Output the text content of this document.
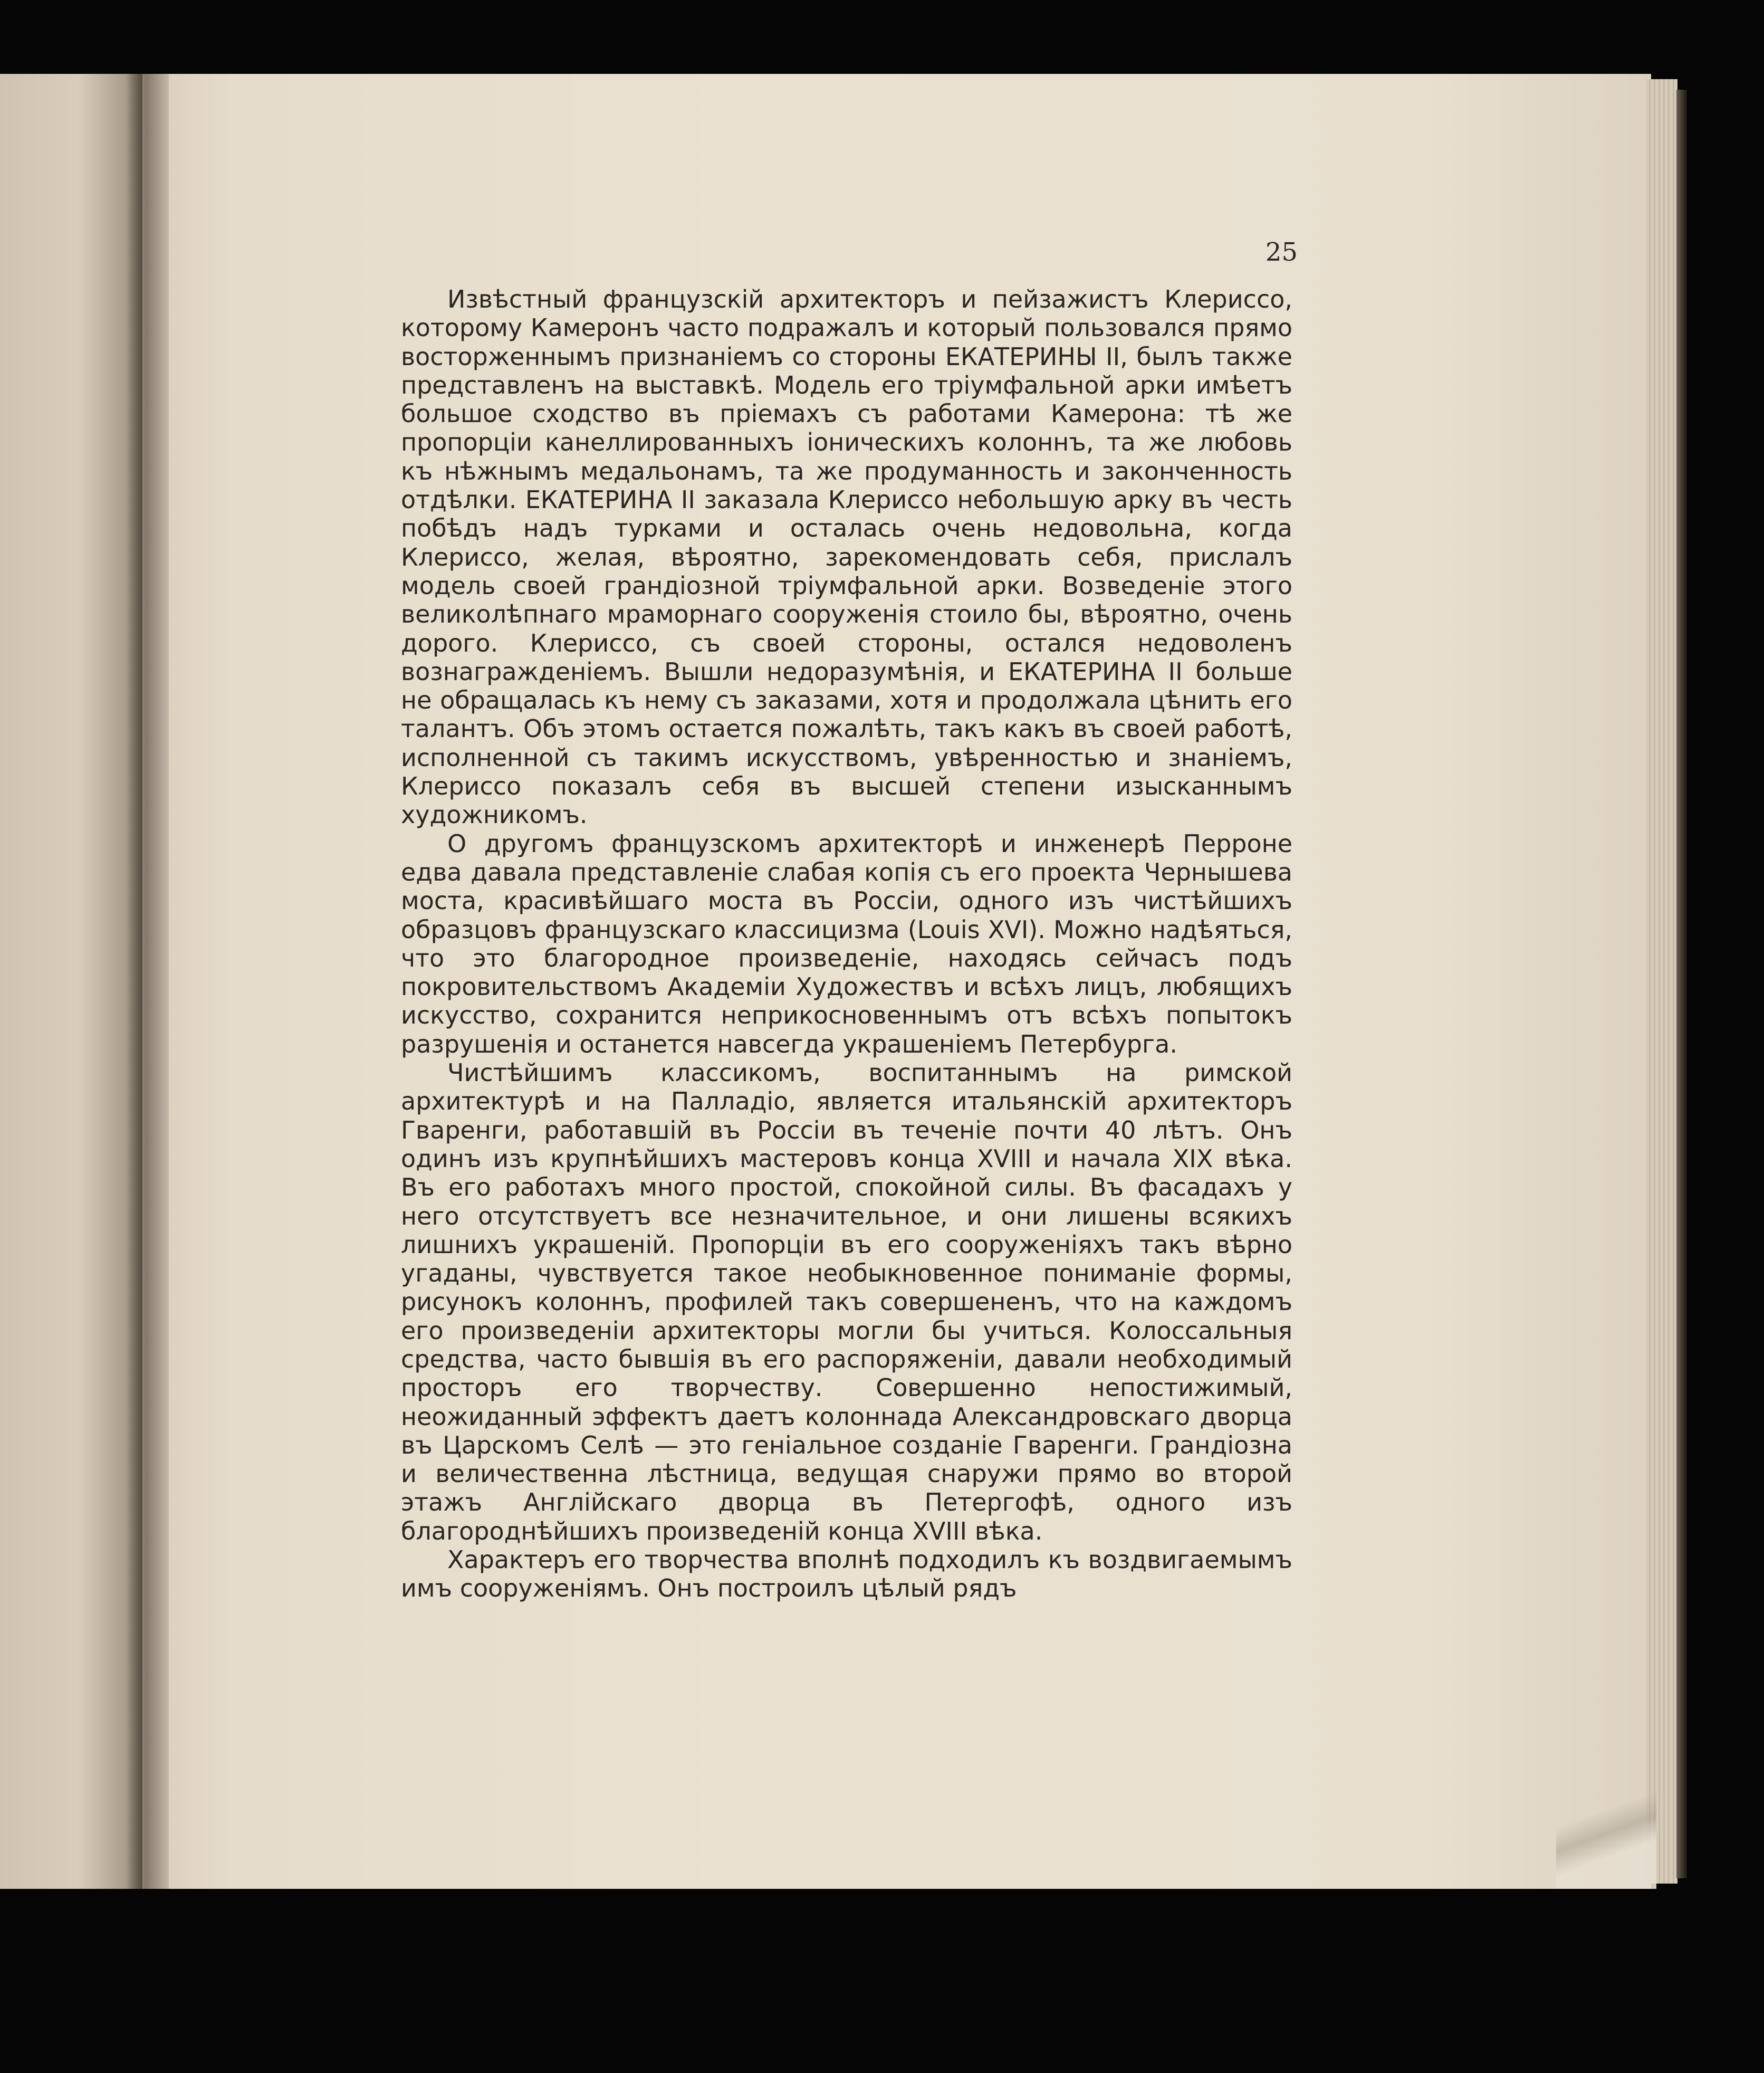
25

Извѣстный французскій архитекторъ и пейзажистъ Клериссо, которому Камеронъ часто подражалъ и который пользовался прямо восторженнымъ признаніемъ со стороны ЕКАТЕРИНЫ II, былъ также представленъ на выставкѣ. Модель его тріумфальной арки имѣетъ большое сходство въ пріемахъ съ работами Камерона: тѣ же пропорціи канеллированныхъ іоническихъ колоннъ, та же любовь къ нѣжнымъ медальонамъ, та же продуманность и законченность отдѣлки. ЕКАТЕРИНА II заказала Клериссо небольшую арку въ честь побѣдъ надъ турками и осталась очень недовольна, когда Клериссо, желая, вѣроятно, зарекомендовать себя, прислалъ модель своей грандіозной тріумфальной арки. Возведеніе этого великолѣпнаго мраморнаго сооруженія стоило бы, вѣроятно, очень дорого. Клериссо, съ своей стороны, остался недоволенъ вознагражденіемъ. Вышли недоразумѣнія, и ЕКАТЕРИНА II больше не обращалась къ нему съ заказами, хотя и продолжала цѣнить его талантъ. Объ этомъ остается пожалѣть, такъ какъ въ своей работѣ, исполненной съ такимъ искусствомъ, увѣренностью и знаніемъ, Клериссо показалъ себя въ высшей степени изысканнымъ художникомъ.

О другомъ французскомъ архитекторѣ и инженерѣ Перроне едва давала представленіе слабая копія съ его проекта Чернышева моста, красивѣйшаго моста въ Россіи, одного изъ чистѣйшихъ образцовъ французскаго классицизма (Louis XVI). Можно надѣяться, что это благородное произведеніе, находясь сейчасъ подъ покровительствомъ Академіи Художествъ и всѣхъ лицъ, любящихъ искусство, сохранится неприкосновеннымъ отъ всѣхъ попытокъ разрушенія и останется навсегда украшеніемъ Петербурга.

Чистѣйшимъ классикомъ, воспитаннымъ на римской архитектурѣ и на Палладіо, является итальянскій архитекторъ Гваренги, работавшій въ Россіи въ теченіе почти 40 лѣтъ. Онъ одинъ изъ крупнѣйшихъ мастеровъ конца XVIII и начала XIX вѣка. Въ его работахъ много простой, спокойной силы. Въ фасадахъ у него отсутствуетъ все незначительное, и они лишены всякихъ лишнихъ украшеній. Пропорціи въ его сооруженіяхъ такъ вѣрно угаданы, чувствуется такое необыкновенное пониманіе формы, рисунокъ колоннъ, профилей такъ совершененъ, что на каждомъ его произведеніи архитекторы могли бы учиться. Колоссальныя средства, часто бывшія въ его распоряженіи, давали необходимый просторъ его творчеству. Совершенно непостижимый, неожиданный эффектъ даетъ колоннада Александровскаго дворца въ Царскомъ Селѣ — это геніальное созданіе Гваренги. Грандіозна и величественна лѣстница, ведущая снаружи прямо во второй этажъ Англійскаго дворца въ Петергофѣ, одного изъ благороднѣйшихъ произведеній конца XVIII вѣка.

Характеръ его творчества вполнѣ подходилъ къ воздвигаемымъ имъ сооруженіямъ. Онъ построилъ цѣлый рядъ
